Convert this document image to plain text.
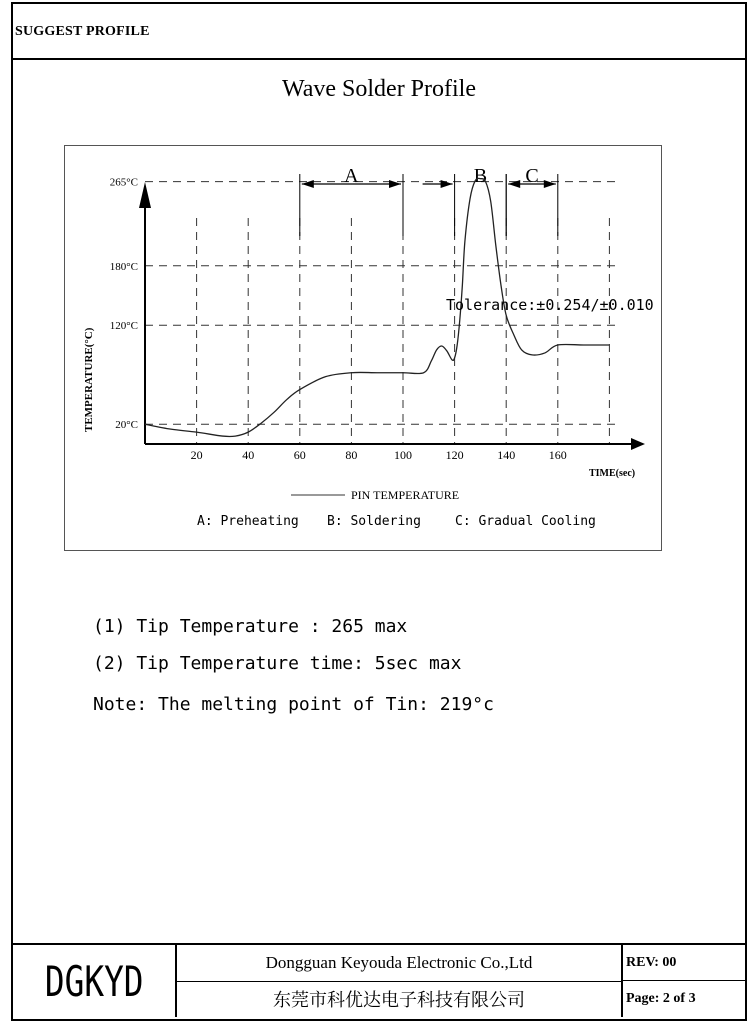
SUGGEST PROFILE
Wave Solder Profile
20	40	60	80	100	120	140	160
20°C
120°C
180°C
265°C	A	B C
Tolerance:±0.254/±0.010
TEMPERATURE(°C)
TIME(sec)
PIN TEMPERATURE
A: Preheating B: Soldering	C: Gradual Cooling
(1) Tip Temperature : 265 max
(2) Tip Temperature time: 5sec max
Note: The melting point of Tin: 219°c
DGKYD	Dongguan Keyouda Electronic Co.,Ltd
东莞市科优达电子科技有限公司
REV: 00
Page: 2 of 3
